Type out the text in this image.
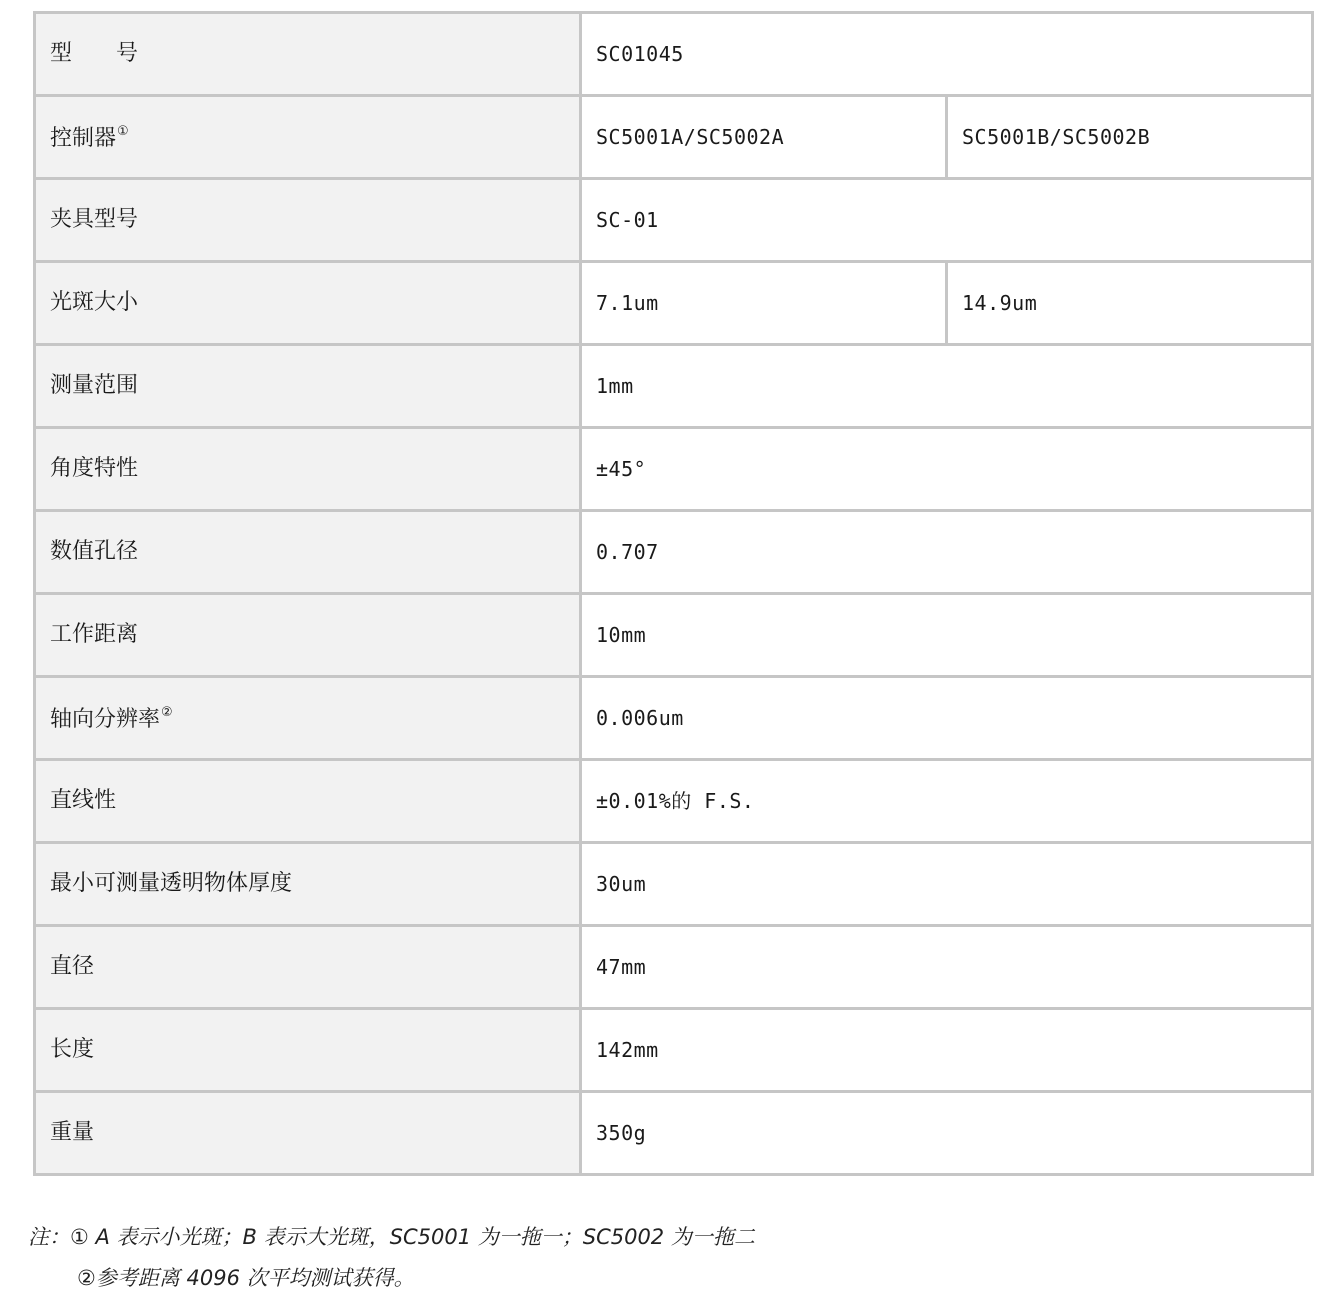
型　　号	SC01045	
控制器①	SC5001A/SC5002A	SC5001B/SC5002B
夹具型号	SC-01	
光斑大小	7.1um	14.9um
测量范围	1mm	
角度特性	±45°	
数值孔径	0.707	
工作距离	10mm	
轴向分辨率②	0.006um	
直线性	±0.01%的 F.S.	
最小可测量透明物体厚度	30um	
直径	47mm	
长度	142mm	
重量	350g	
注：① A 表示小光斑；B 表示大光斑，SC5001 为一拖一；SC5002 为一拖二
②参考距离 4096 次平均测试获得。
